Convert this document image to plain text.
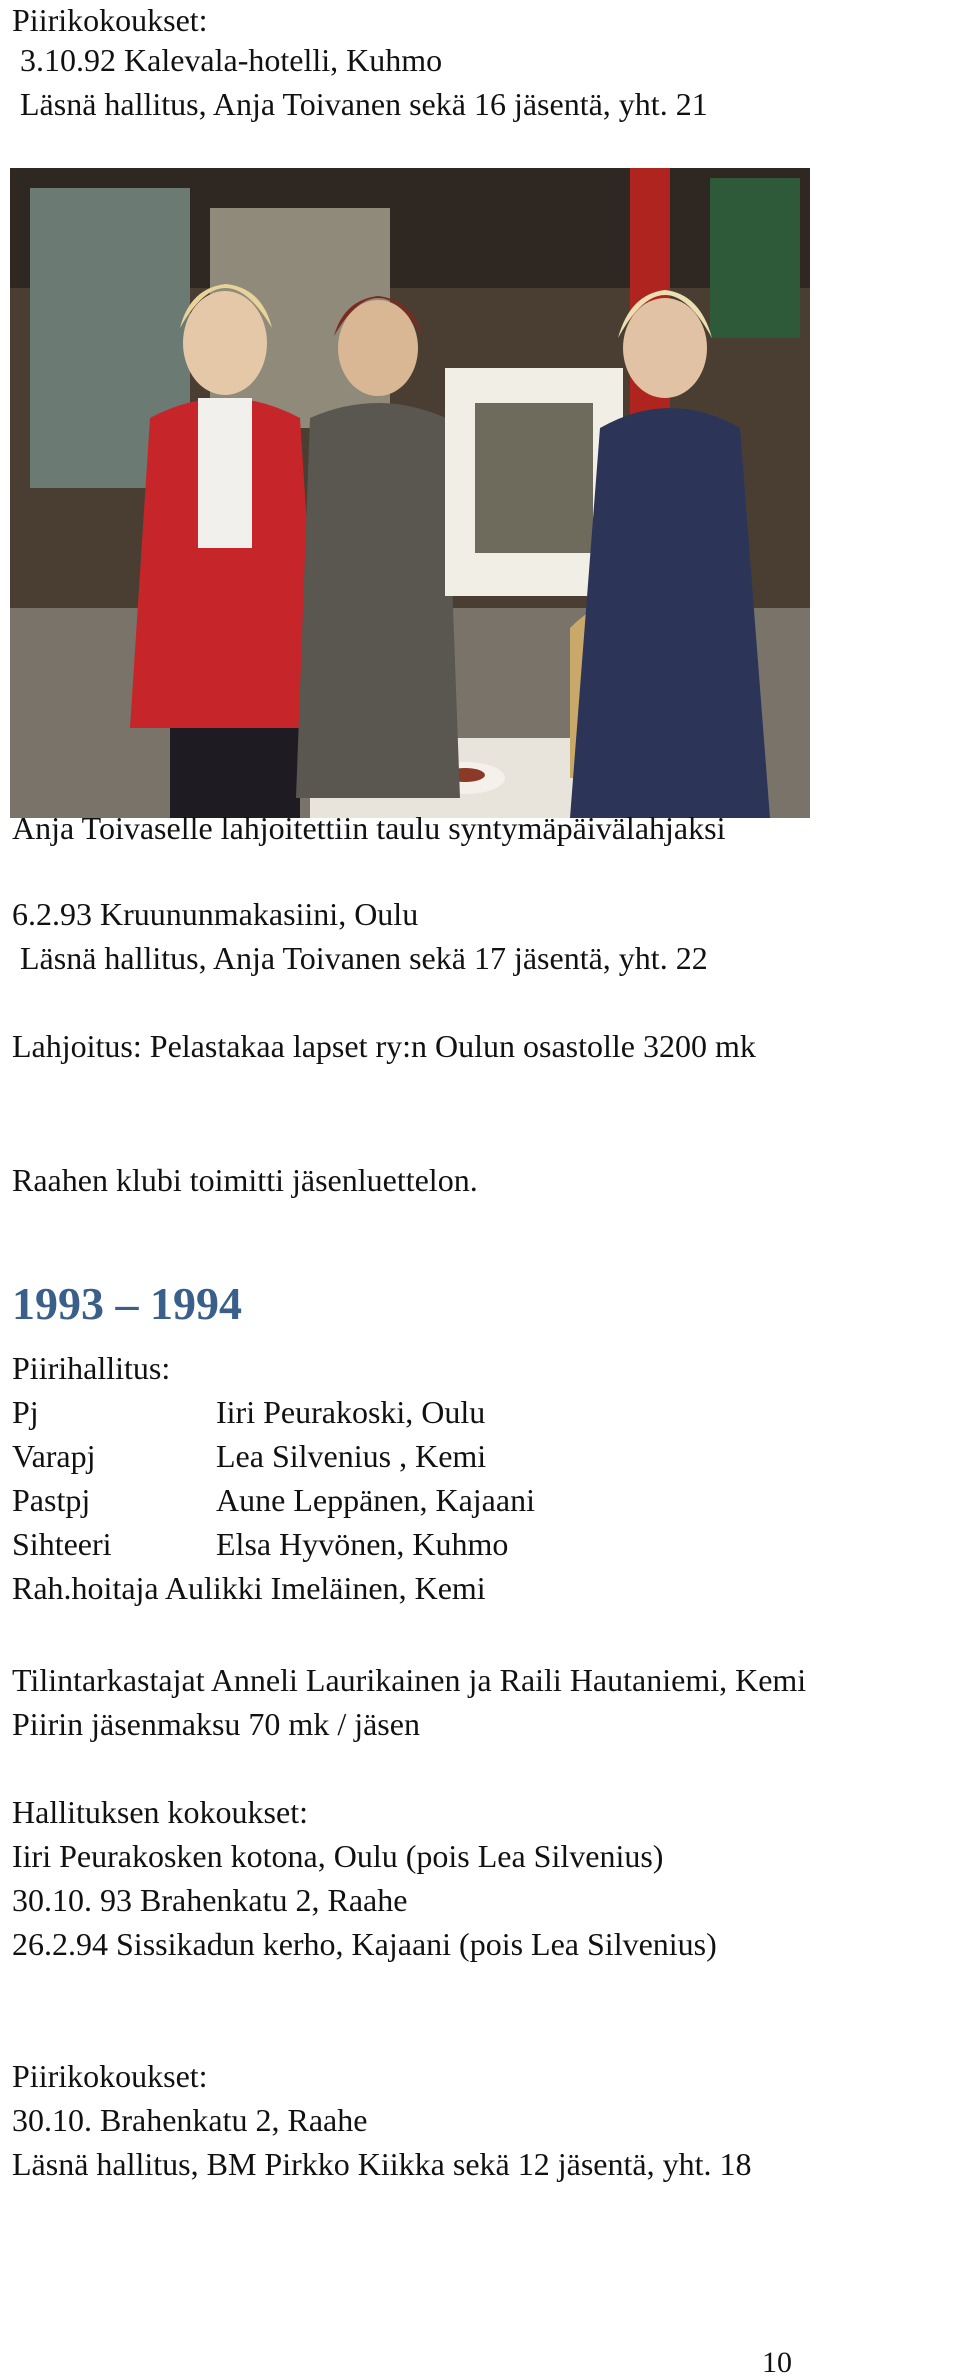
Piirikokoukset:

3.10.92 Kalevala-hotelli, Kuhmo

Läsnä hallitus, Anja Toivanen sekä 16 jäsentä, yht. 21

Anja Toivaselle lahjoitettiin taulu syntymäpäivälahjaksi

6.2.93 Kruununmakasiini, Oulu

Läsnä hallitus, Anja Toivanen sekä 17 jäsentä, yht. 22

Lahjoitus: Pelastakaa lapset ry:n Oulun osastolle 3200 mk

Raahen klubi toimitti jäsenluettelon.

1993 – 1994

Piirihallitus:

Pj	Iiri Peurakoski, Oulu
Varapj	Lea Silvenius , Kemi
Pastpj	Aune Leppänen, Kajaani
Sihteeri	Elsa Hyvönen, Kuhmo
Rah.hoitaja Aulikki Imeläinen, Kemi

Tilintarkastajat Anneli Laurikainen ja Raili Hautaniemi, Kemi

Piirin jäsenmaksu 70 mk / jäsen

Hallituksen kokoukset:

Iiri Peurakosken kotona, Oulu (pois Lea Silvenius)

30.10. 93 Brahenkatu 2, Raahe

26.2.94 Sissikadun kerho, Kajaani (pois Lea Silvenius)

Piirikokoukset:

30.10. Brahenkatu 2, Raahe

Läsnä hallitus, BM Pirkko Kiikka sekä 12 jäsentä, yht. 18

10
